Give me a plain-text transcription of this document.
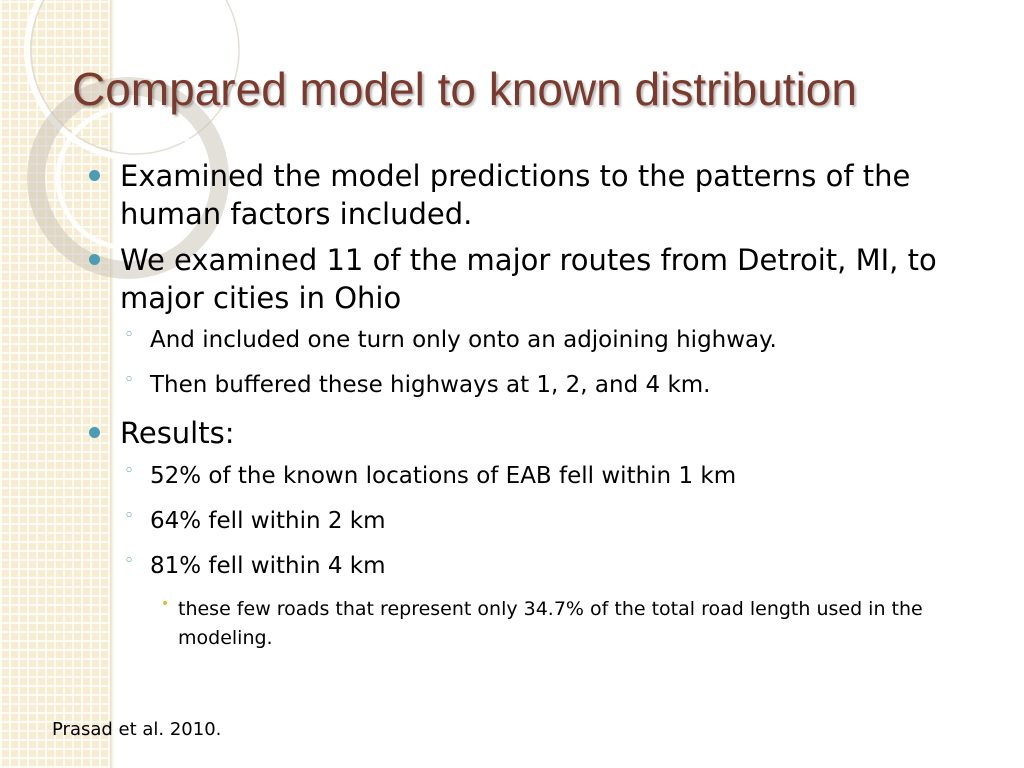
Compared model to known distribution
Examined the model predictions to the patterns of the human factors included.
We examined 11 of the major routes from Detroit, MI, to major cities in Ohio
◦ And included one turn only onto an adjoining highway.
◦ Then buffered these highways at 1, 2, and 4 km.
Results:
◦ 52% of the known locations of EAB fell within 1 km
◦ 64% fell within 2 km
◦ 81% fell within 4 km
• these few roads that represent only 34.7% of the total road length used in the modeling.
Prasad et al. 2010.
